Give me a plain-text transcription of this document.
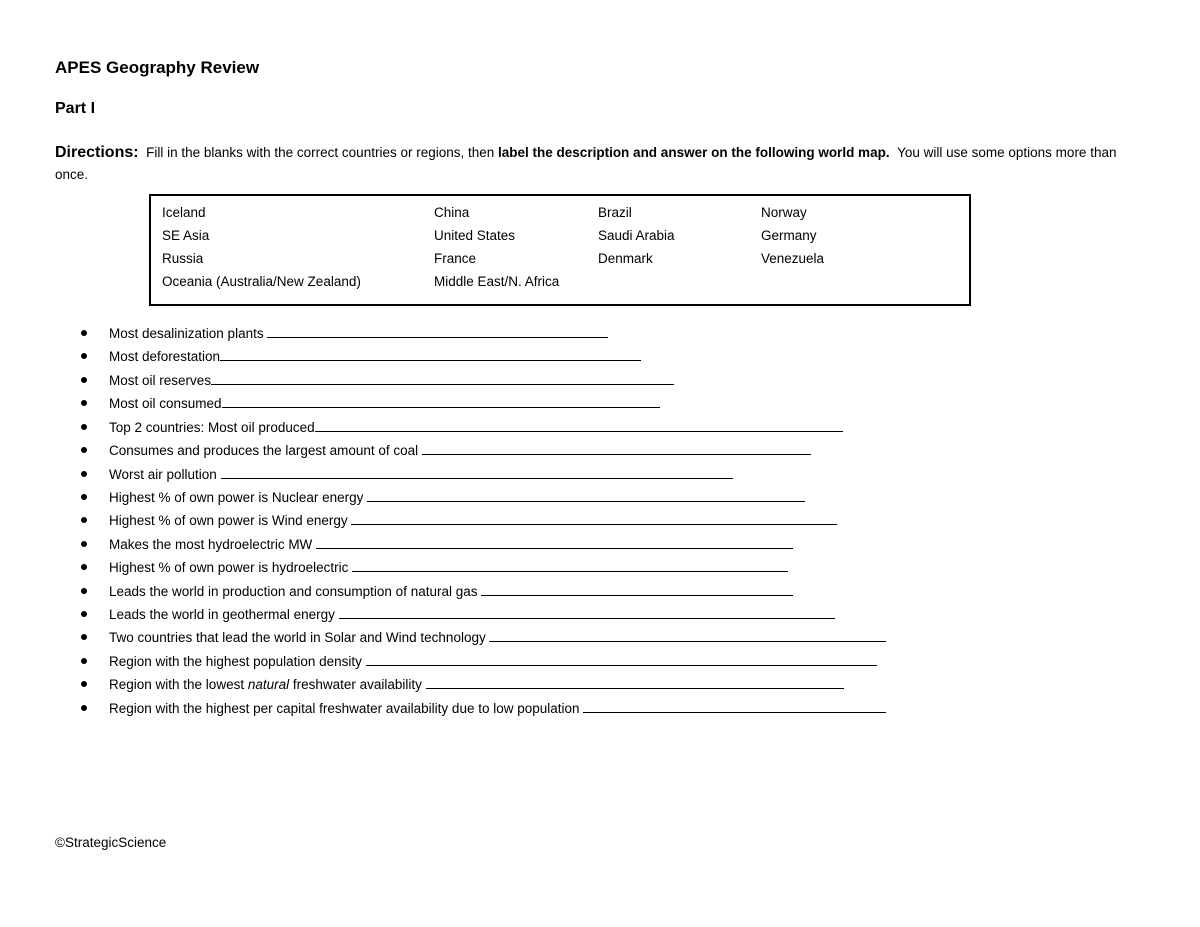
APES Geography Review
Part I
Directions: Fill in the blanks with the correct countries or regions, then label the description and answer on the following world map. You will use some options more than once.
Iceland
SE Asia
Russia
Oceania (Australia/New Zealand)
China
United States
France
Middle East/N. Africa
Brazil
Saudi Arabia
Denmark
Norway
Germany
Venezuela
Most desalinization plants
Most deforestation
Most oil reserves
Most oil consumed
Top 2 countries: Most oil produced
Consumes and produces the largest amount of coal
Worst air pollution
Highest % of own power is Nuclear energy
Highest % of own power is Wind energy
Makes the most hydroelectric MW
Highest % of own power is hydroelectric
Leads the world in production and consumption of natural gas
Leads the world in geothermal energy
Two countries that lead the world in Solar and Wind technology
Region with the highest population density
Region with the lowest natural freshwater availability
Region with the highest per capital freshwater availability due to low population
©StrategicScience
